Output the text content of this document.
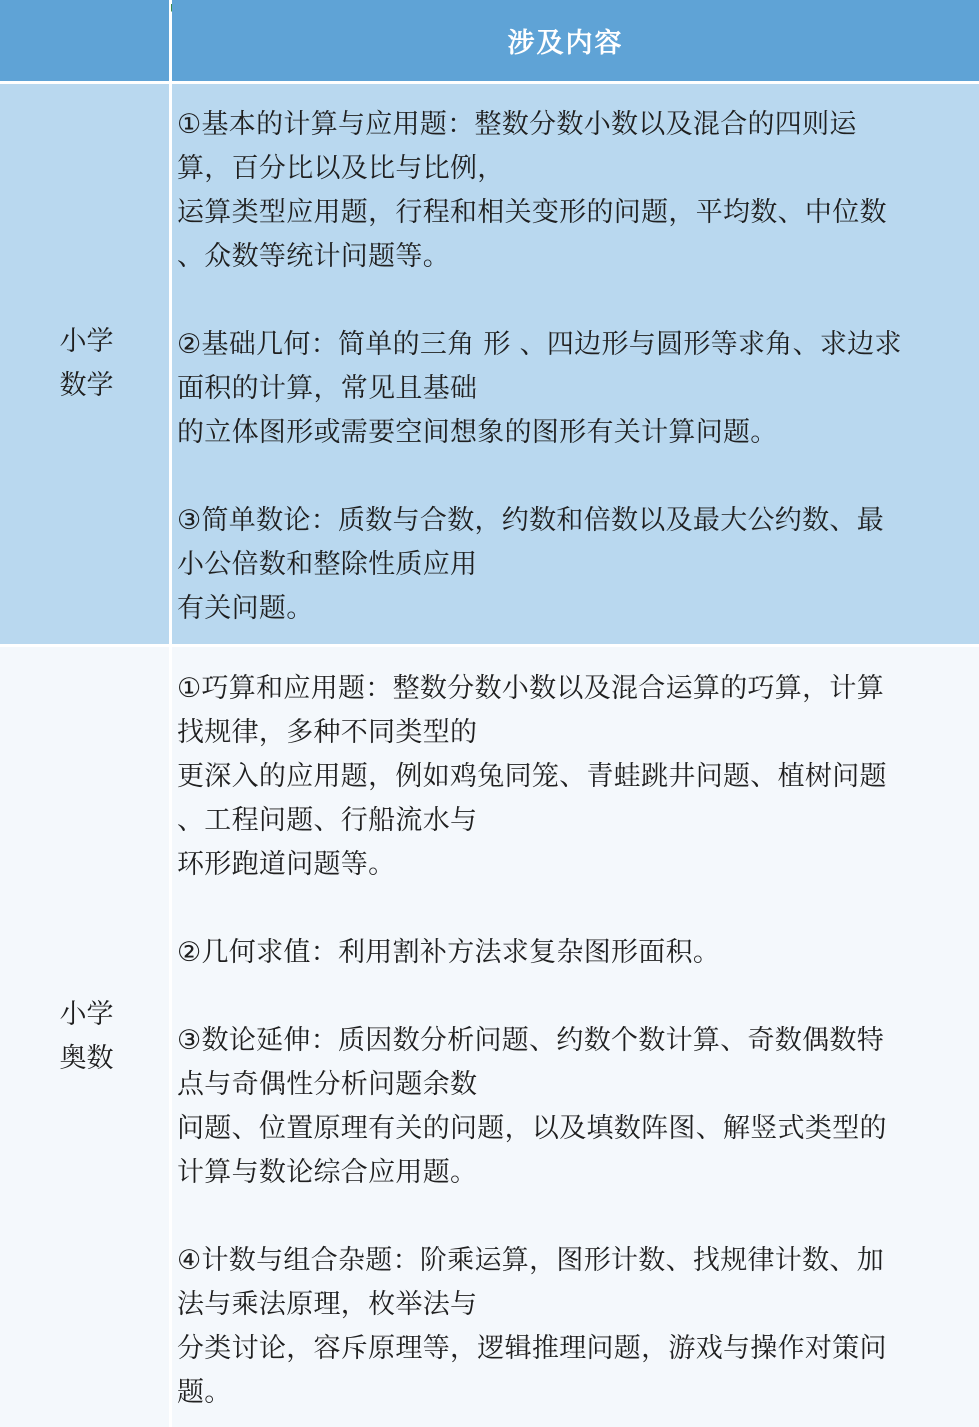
涉及内容
小学
数学
①基本的计算与应用题：整数分数小数以及混合的四则运
算，百分比以及比与比例，
运算类型应用题，行程和相关变形的问题，平均数、中位数
、众数等统计问题等。
②基础几何：简单的三角 形 、四边形与圆形等求角、求边求
面积的计算，常见且基础
的立体图形或需要空间想象的图形有关计算问题。
③简单数论：质数与合数，约数和倍数以及最大公约数、最
小公倍数和整除性质应用
有关问题。
小学
奥数
①巧算和应用题：整数分数小数以及混合运算的巧算，计算
找规律，多种不同类型的
更深入的应用题，例如鸡兔同笼、青蛙跳井问题、植树问题
、工程问题、行船流水与
环形跑道问题等。
②几何求值：利用割补方法求复杂图形面积。
③数论延伸：质因数分析问题、约数个数计算、奇数偶数特
点与奇偶性分析问题余数
问题、位置原理有关的问题，以及填数阵图、解竖式类型的
计算与数论综合应用题。
④计数与组合杂题：阶乘运算，图形计数、找规律计数、加
法与乘法原理，枚举法与
分类讨论，容斥原理等，逻辑推理问题，游戏与操作对策问
题。
